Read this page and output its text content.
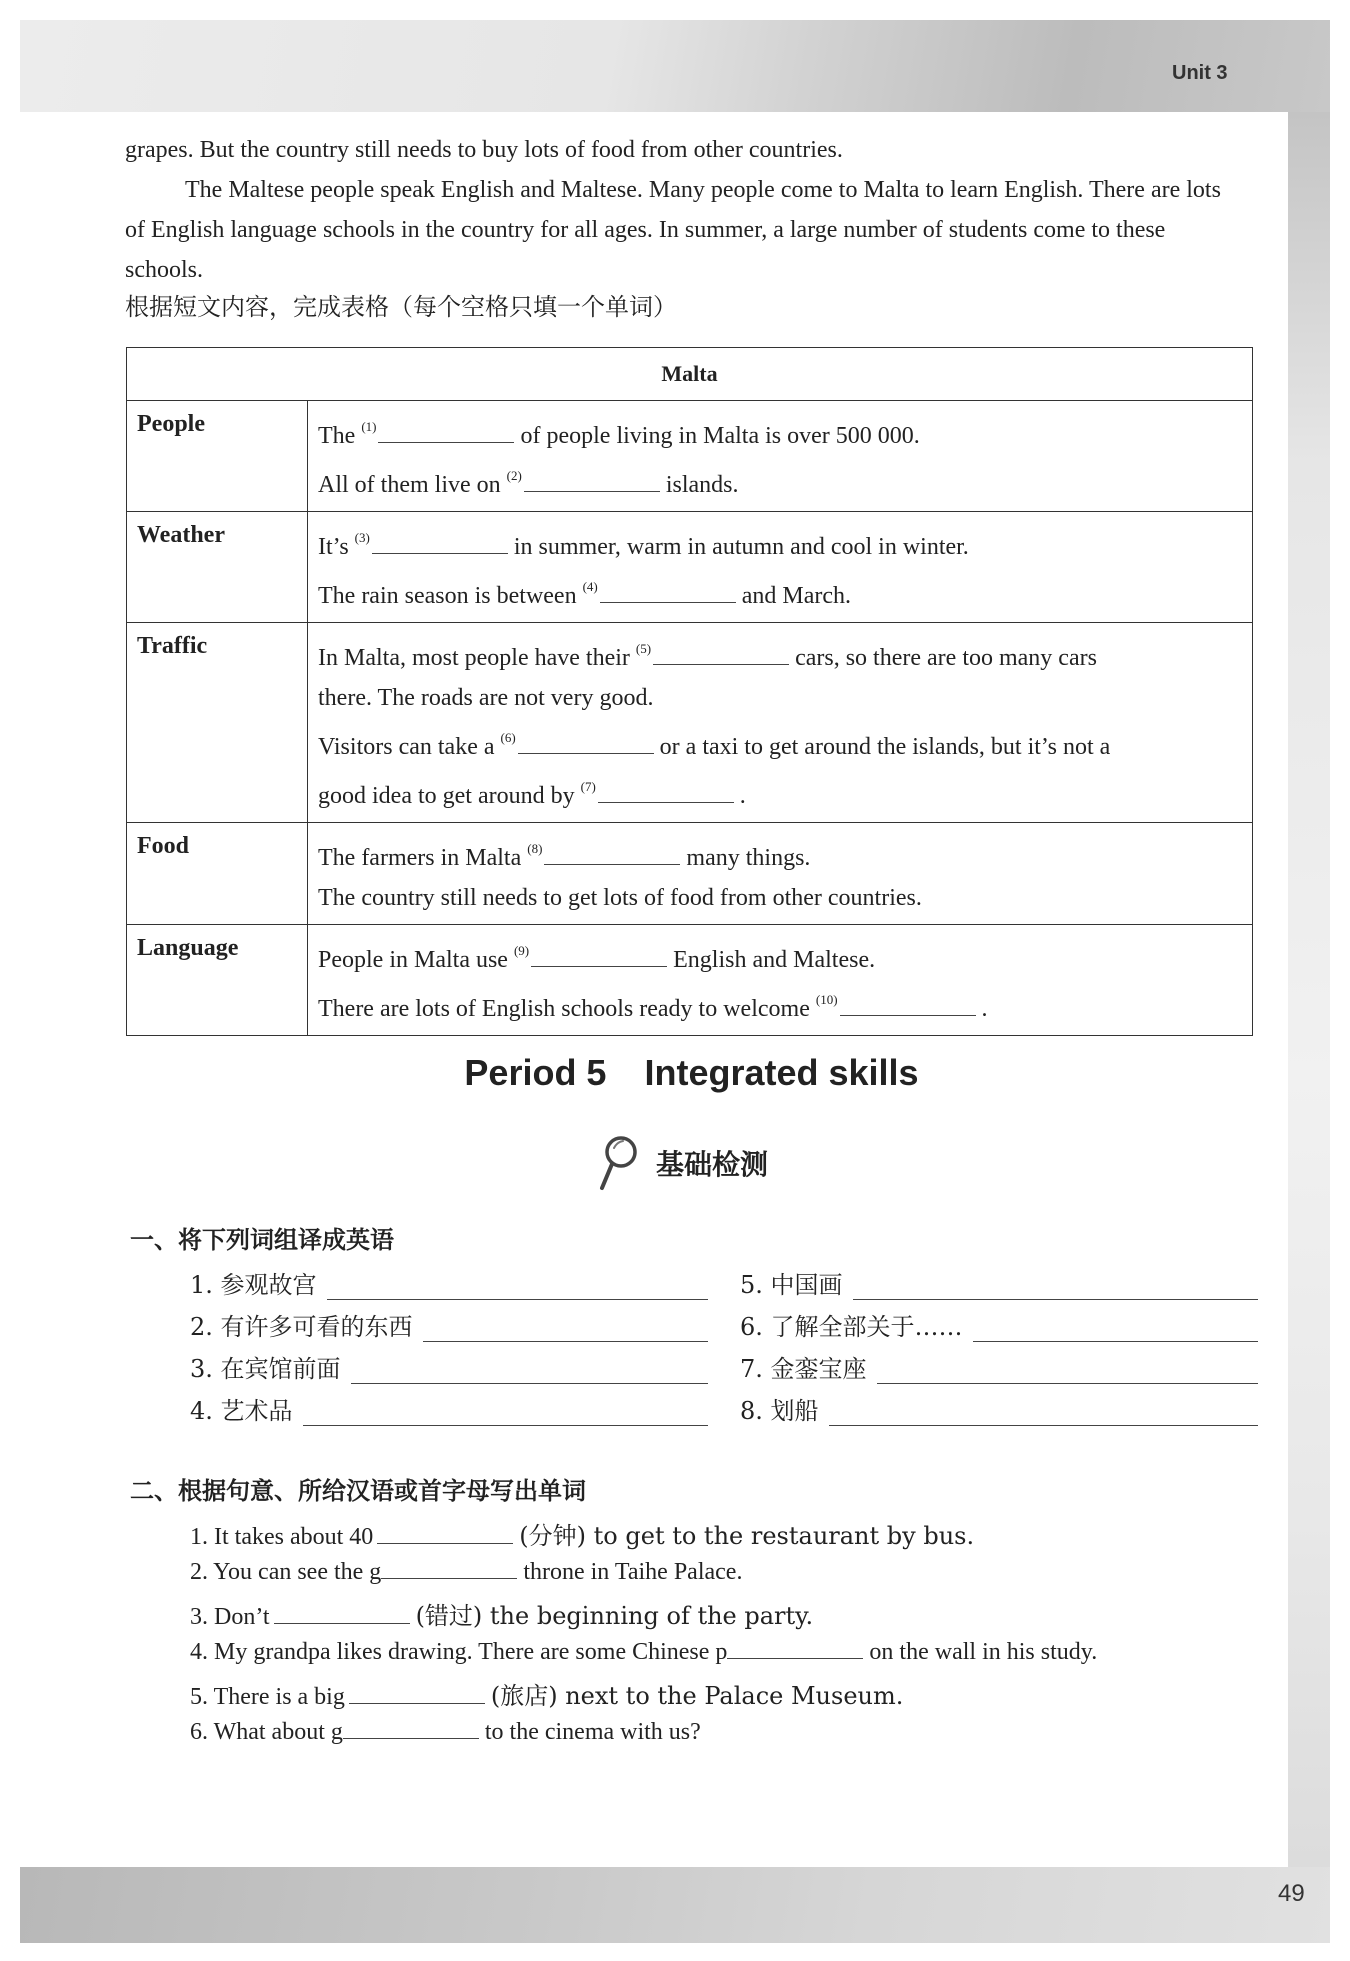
Unit 3

grapes. But the country still needs to buy lots of food from other countries.

The Maltese people speak English and Maltese. Many people come to Malta to learn English. There are lots of English language schools in the country for all ages. In summer, a large number of students come to these schools.

根据短文内容，完成表格（每个空格只填一个单词）
Malta	
People	The $^{(1)}$ of people living in Malta is over 500 000.
All of them live on $^{(2)}$ islands.

Weather	It’s $^{(3)}$ in summer, warm in autumn and cool in winter.
The rain season is between $^{(4)}$ and March.

Traffic	In Malta, most people have their $^{(5)}$ cars, so there are too many cars
there. The roads are not very good.
Visitors can take a $^{(6)}$ or a taxi to get around the islands, but it’s not a
good idea to get around by $^{(7)}$ .

Food	The farmers in Malta $^{(8)}$ many things.
The country still needs to get lots of food from other countries.

Language	People in Malta use $^{(9)}$ English and Maltese.
There are lots of English schools ready to welcome $^{(10)}$ .
Period 5 Integrated skills
基础检测
一、将下列词组译成英语
1. 参观故宫
2. 有许多可看的东西
3. 在宾馆前面
4. 艺术品
5. 中国画
6. 了解全部关于……
7. 金銮宝座
8. 划船
二、根据句意、所给汉语或首字母写出单词
1. It takes about 40	(分钟) to get to the restaurant by bus.
2. You can see the g	throne in Taihe Palace.
3. Don’t	(错过) the beginning of the party.
4. My grandpa likes drawing. There are some Chinese p	on the wall in his study.
5. There is a big	(旅店) next to the Palace Museum.
6. What about g	to the cinema with us?
49
